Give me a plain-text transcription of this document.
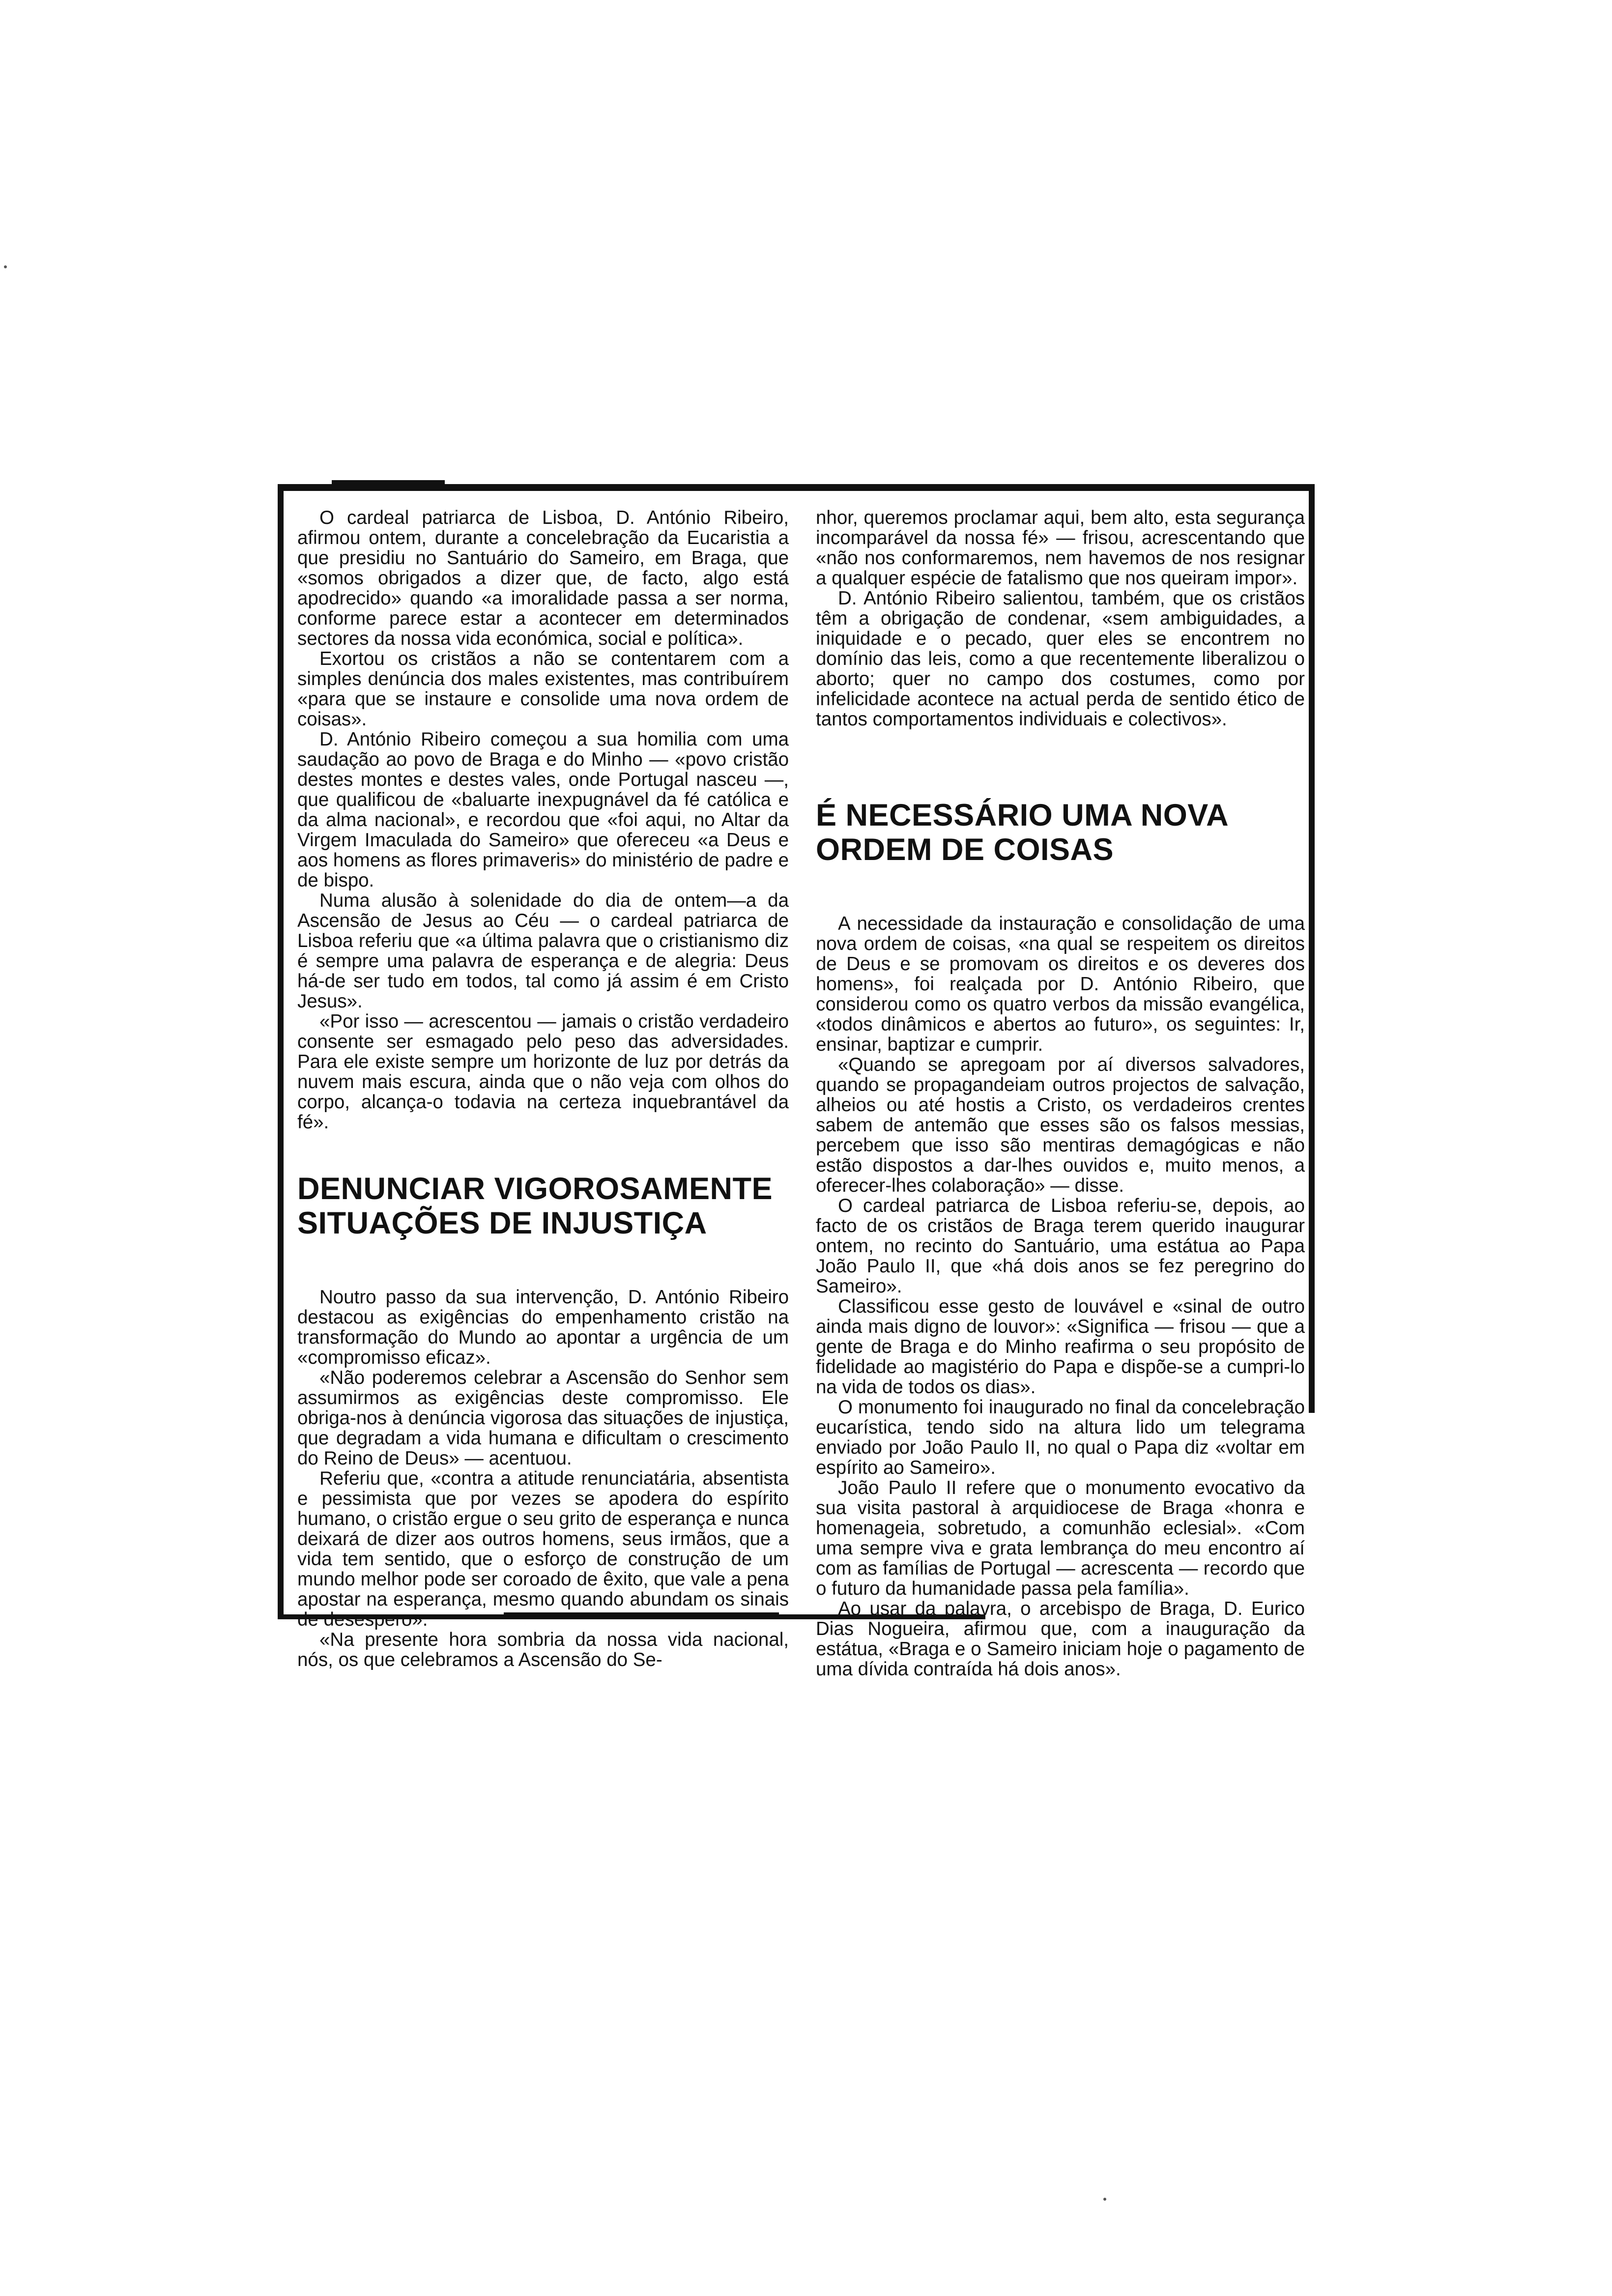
O cardeal patriarca de Lisboa, D. António Ribeiro, afirmou ontem, durante a concelebração da Eucaristia a que presidiu no Santuário do Sameiro, em Braga, que «somos obrigados a dizer que, de facto, algo está apodrecido» quando «a imoralidade passa a ser norma, conforme parece estar a acontecer em determinados sectores da nossa vida económica, social e política».

Exortou os cristãos a não se contentarem com a simples denúncia dos males existentes, mas contribuírem «para que se instaure e consolide uma nova ordem de coisas».

D. António Ribeiro começou a sua homilia com uma saudação ao povo de Braga e do Minho — «povo cristão destes montes e destes vales, onde Portugal nasceu —, que qualificou de «baluarte inexpugnável da fé católica e da alma nacional», e recordou que «foi aqui, no Altar da Virgem Imaculada do Sameiro» que ofereceu «a Deus e aos homens as flores primaveris» do ministério de padre e de bispo.

Numa alusão à solenidade do dia de ontem—a da Ascensão de Jesus ao Céu — o cardeal patriarca de Lisboa referiu que «a última palavra que o cristianismo diz é sempre uma palavra de esperança e de alegria: Deus há-de ser tudo em todos, tal como já assim é em Cristo Jesus».

«Por isso — acrescentou — jamais o cristão verdadeiro consente ser esmagado pelo peso das adversidades. Para ele existe sempre um horizonte de luz por detrás da nuvem mais escura, ainda que o não veja com olhos do corpo, alcança-o todavia na certeza inquebrantável da fé».

DENUNCIAR VIGOROSAMENTE SITUAÇÕES DE INJUSTIÇA

Noutro passo da sua intervenção, D. António Ribeiro destacou as exigências do empenhamento cristão na transformação do Mundo ao apontar a urgência de um «compromisso eficaz».

«Não poderemos celebrar a Ascensão do Senhor sem assumirmos as exigências deste compromisso. Ele obriga-nos à denúncia vigorosa das situações de injustiça, que degradam a vida humana e dificultam o crescimento do Reino de Deus» — acentuou.

Referiu que, «contra a atitude renunciatária, absentista e pessimista que por vezes se apodera do espírito humano, o cristão ergue o seu grito de esperança e nunca deixará de dizer aos outros homens, seus irmãos, que a vida tem sentido, que o esforço de construção de um mundo melhor pode ser coroado de êxito, que vale a pena apostar na esperança, mesmo quando abundam os sinais de desespero».

«Na presente hora sombria da nossa vida nacional, nós, os que celebramos a Ascensão do Se-

nhor, queremos proclamar aqui, bem alto, esta segurança incomparável da nossa fé» — frisou, acrescentando que «não nos conformaremos, nem havemos de nos resignar a qualquer espécie de fatalismo que nos queiram impor».

D. António Ribeiro salientou, também, que os cristãos têm a obrigação de condenar, «sem ambiguidades, a iniquidade e o pecado, quer eles se encontrem no domínio das leis, como a que recentemente liberalizou o aborto; quer no campo dos costumes, como por infelicidade acontece na actual perda de sentido ético de tantos comportamentos individuais e colectivos».

É NECESSÁRIO UMA NOVA ORDEM DE COISAS

A necessidade da instauração e consolidação de uma nova ordem de coisas, «na qual se respeitem os direitos de Deus e se promovam os direitos e os deveres dos homens», foi realçada por D. António Ribeiro, que considerou como os quatro verbos da missão evangélica, «todos dinâmicos e abertos ao futuro», os seguintes: Ir, ensinar, baptizar e cumprir.

«Quando se apregoam por aí diversos salvadores, quando se propagandeiam outros projectos de salvação, alheios ou até hostis a Cristo, os verdadeiros crentes sabem de antemão que esses são os falsos messias, percebem que isso são mentiras demagógicas e não estão dispostos a dar-lhes ouvidos e, muito menos, a oferecer-lhes colaboração» — disse.

O cardeal patriarca de Lisboa referiu-se, depois, ao facto de os cristãos de Braga terem querido inaugurar ontem, no recinto do Santuário, uma estátua ao Papa João Paulo II, que «há dois anos se fez peregrino do Sameiro».

Classificou esse gesto de louvável e «sinal de outro ainda mais digno de louvor»: «Significa — frisou — que a gente de Braga e do Minho reafirma o seu propósito de fidelidade ao magistério do Papa e dispõe-se a cumpri-lo na vida de todos os dias».

O monumento foi inaugurado no final da concelebração eucarística, tendo sido na altura lido um telegrama enviado por João Paulo II, no qual o Papa diz «voltar em espírito ao Sameiro».

João Paulo II refere que o monumento evocativo da sua visita pastoral à arquidiocese de Braga «honra e homenageia, sobretudo, a comunhão eclesial». «Com uma sempre viva e grata lembrança do meu encontro aí com as famílias de Portugal — acrescenta — recordo que o futuro da humanidade passa pela família».

Ao usar da palavra, o arcebispo de Braga, D. Eurico Dias Nogueira, afirmou que, com a inauguração da estátua, «Braga e o Sameiro iniciam hoje o pagamento de uma dívida contraída há dois anos».
